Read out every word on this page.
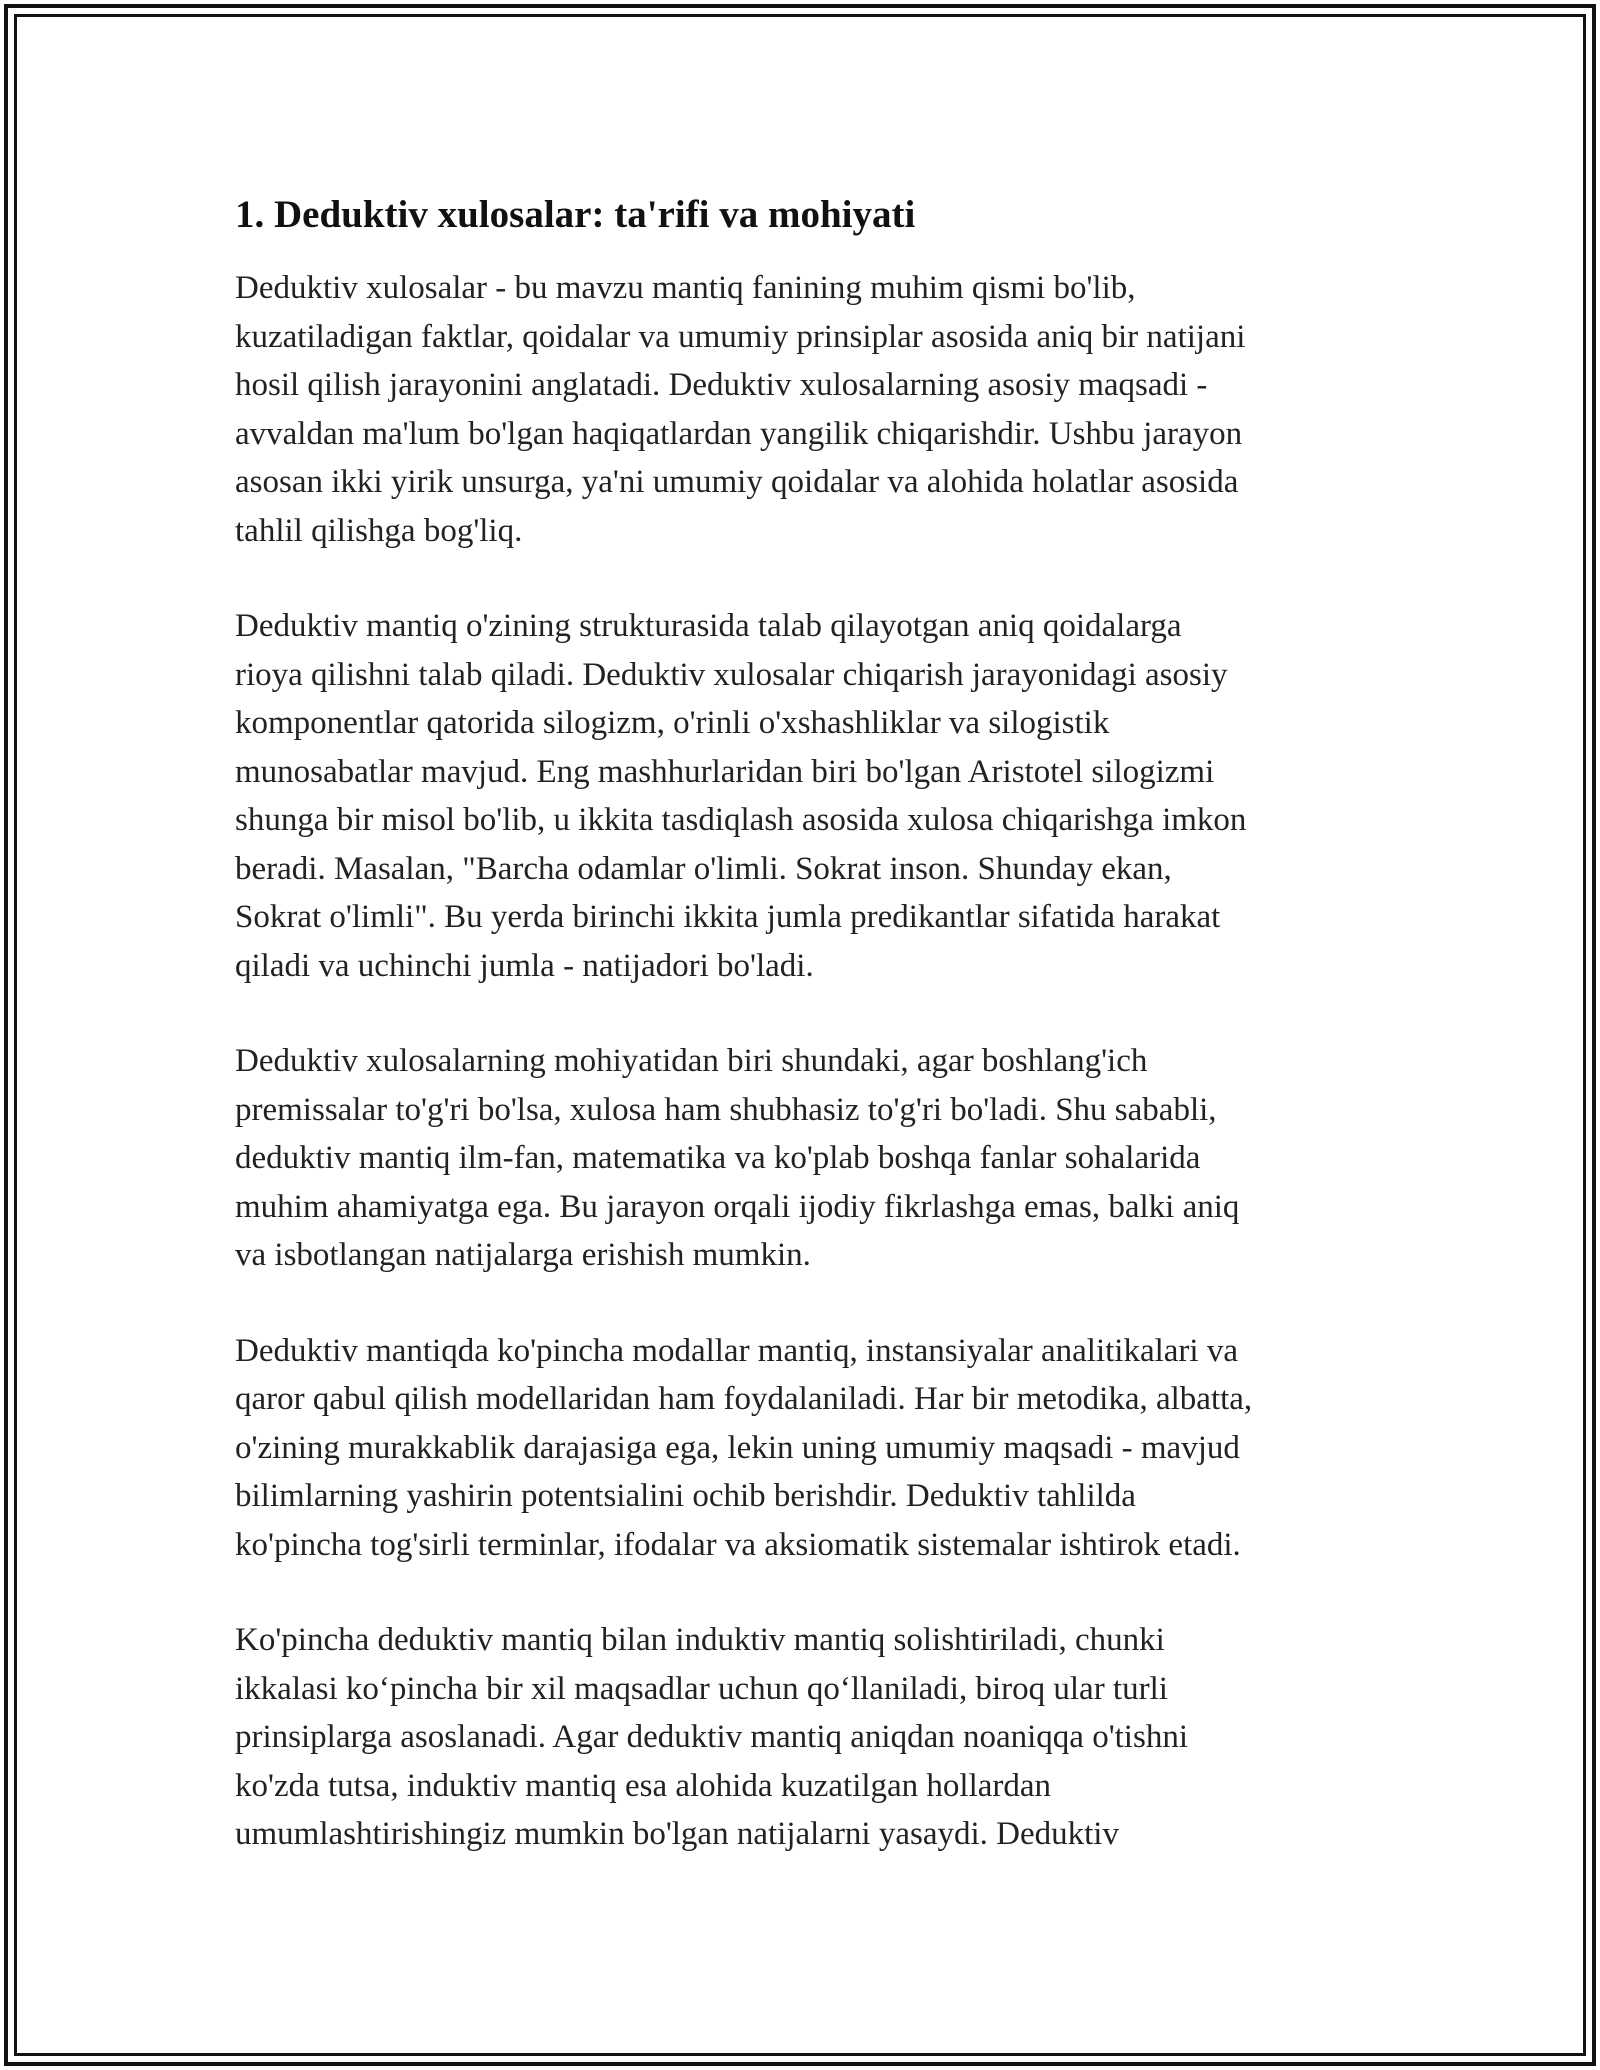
1. Deduktiv xulosalar: ta'rifi va mohiyati

Deduktiv xulosalar - bu mavzu mantiq fanining muhim qismi bo'lib,
kuzatiladigan faktlar, qoidalar va umumiy prinsiplar asosida aniq bir natijani
hosil qilish jarayonini anglatadi. Deduktiv xulosalarning asosiy maqsadi -
avvaldan ma'lum bo'lgan haqiqatlardan yangilik chiqarishdir. Ushbu jarayon
asosan ikki yirik unsurga, ya'ni umumiy qoidalar va alohida holatlar asosida
tahlil qilishga bog'liq.

Deduktiv mantiq o'zining strukturasida talab qilayotgan aniq qoidalarga
rioya qilishni talab qiladi. Deduktiv xulosalar chiqarish jarayonidagi asosiy
komponentlar qatorida silogizm, o'rinli o'xshashliklar va silogistik
munosabatlar mavjud. Eng mashhurlaridan biri bo'lgan Aristotel silogizmi
shunga bir misol bo'lib, u ikkita tasdiqlash asosida xulosa chiqarishga imkon
beradi. Masalan, "Barcha odamlar o'limli. Sokrat inson. Shunday ekan,
Sokrat o'limli". Bu yerda birinchi ikkita jumla predikantlar sifatida harakat
qiladi va uchinchi jumla - natijadori bo'ladi.

Deduktiv xulosalarning mohiyatidan biri shundaki, agar boshlang'ich
premissalar to'g'ri bo'lsa, xulosa ham shubhasiz to'g'ri bo'ladi. Shu sababli,
deduktiv mantiq ilm-fan, matematika va ko'plab boshqa fanlar sohalarida
muhim ahamiyatga ega. Bu jarayon orqali ijodiy fikrlashga emas, balki aniq
va isbotlangan natijalarga erishish mumkin.

Deduktiv mantiqda ko'pincha modallar mantiq, instansiyalar analitikalari va
qaror qabul qilish modellaridan ham foydalaniladi. Har bir metodika, albatta,
o'zining murakkablik darajasiga ega, lekin uning umumiy maqsadi - mavjud
bilimlarning yashirin potentsialini ochib berishdir. Deduktiv tahlilda
ko'pincha tog'sirli terminlar, ifodalar va aksiomatik sistemalar ishtirok etadi.

Ko'pincha deduktiv mantiq bilan induktiv mantiq solishtiriladi, chunki
ikkalasi ko‘pincha bir xil maqsadlar uchun qo‘llaniladi, biroq ular turli
prinsiplarga asoslanadi. Agar deduktiv mantiq aniqdan noaniqqa o'tishni
ko'zda tutsa, induktiv mantiq esa alohida kuzatilgan hollardan
umumlashtirishingiz mumkin bo'lgan natijalarni yasaydi. Deduktiv
